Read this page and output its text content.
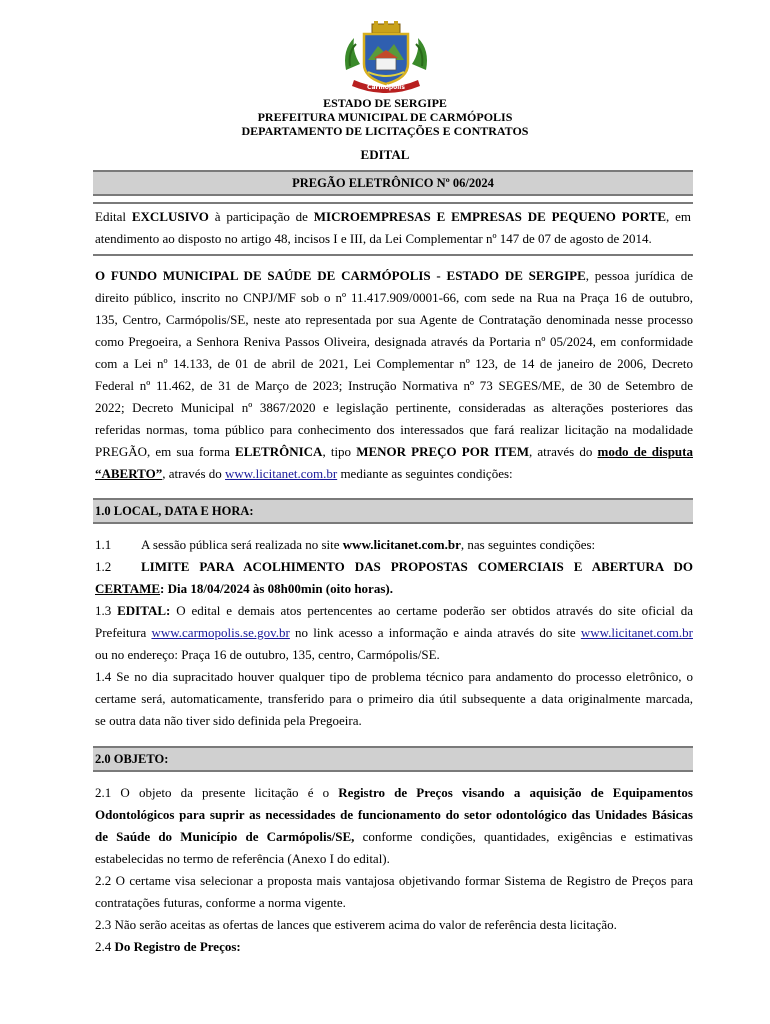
Carmópolis
ESTADO DE SERGIPE
PREFEITURA MUNICIPAL DE CARMÓPOLIS
DEPARTAMENTO DE LICITAÇÕES E CONTRATOS
EDITAL
PREGÃO ELETRÔNICO Nº 06/2024
Edital EXCLUSIVO à participação de MICROEMPRESAS E EMPRESAS DE PEQUENO PORTE, em
atendimento ao disposto no artigo 48, incisos I e III, da Lei Complementar nº 147 de 07 de agosto de 2014.
O FUNDO MUNICIPAL DE SAÚDE DE CARMÓPOLIS - ESTADO DE SERGIPE, pessoa jurídica de
direito público, inscrito no CNPJ/MF sob o nº 11.417.909/0001-66, com sede na Rua na Praça 16 de outubro,
135, Centro, Carmópolis/SE, neste ato representada por sua Agente de Contratação denominada nesse processo
como Pregoeira, a Senhora Reniva Passos Oliveira, designada através da Portaria nº 05/2024, em conformidade
com a Lei nº 14.133, de 01 de abril de 2021, Lei Complementar nº 123, de 14 de janeiro de 2006, Decreto
Federal nº 11.462, de 31 de Março de 2023; Instrução Normativa nº 73 SEGES/ME, de 30 de Setembro de
2022; Decreto Municipal nº 3867/2020 e legislação pertinente, consideradas as alterações posteriores das
referidas normas, toma público para conhecimento dos interessados que fará realizar licitação na modalidade
PREGÃO, em sua forma ELETRÔNICA, tipo MENOR PREÇO POR ITEM, através do modo de disputa
“ABERTO”, através do www.licitanet.com.br mediante as seguintes condições:
1.0 LOCAL, DATA E HORA:
1.1 A sessão pública será realizada no site www.licitanet.com.br, nas seguintes condições:
1.2 LIMITE PARA ACOLHIMENTO DAS PROPOSTAS COMERCIAIS E ABERTURA DO
CERTAME: Dia 18/04/2024 às 08h00min (oito horas).
1.3 EDITAL: O edital e demais atos pertencentes ao certame poderão ser obtidos através do site oficial da
Prefeitura www.carmopolis.se.gov.br no link acesso a informação e ainda através do site www.licitanet.com.br
ou no endereço: Praça 16 de outubro, 135, centro, Carmópolis/SE.
1.4 Se no dia supracitado houver qualquer tipo de problema técnico para andamento do processo eletrônico, o
certame será, automaticamente, transferido para o primeiro dia útil subsequente a data originalmente marcada,
se outra data não tiver sido definida pela Pregoeira.
2.0 OBJETO:
2.1 O objeto da presente licitação é o Registro de Preços visando a aquisição de Equipamentos
Odontológicos para suprir as necessidades de funcionamento do setor odontológico das Unidades Básicas
de Saúde do Município de Carmópolis/SE, conforme condições, quantidades, exigências e estimativas
estabelecidas no termo de referência (Anexo I do edital).
2.2 O certame visa selecionar a proposta mais vantajosa objetivando formar Sistema de Registro de Preços para
contratações futuras, conforme a norma vigente.
2.3 Não serão aceitas as ofertas de lances que estiverem acima do valor de referência desta licitação.
2.4 Do Registro de Preços:
